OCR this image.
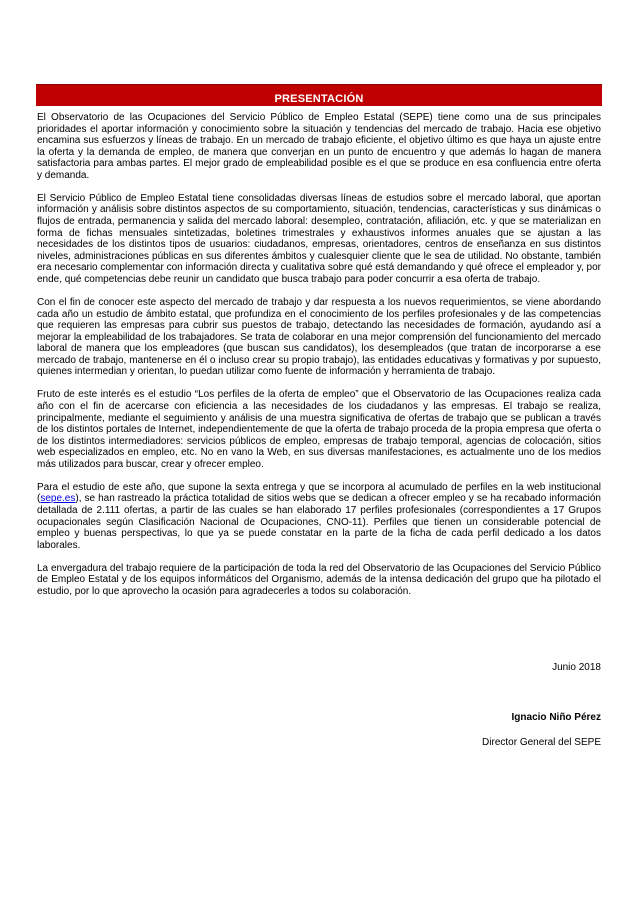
PRESENTACIÓN

El Observatorio de las Ocupaciones del Servicio Público de Empleo Estatal (SEPE) tiene como una de sus principales prioridades el aportar información y conocimiento sobre la situación y tendencias del mercado de trabajo. Hacia ese objetivo encamina sus esfuerzos y líneas de trabajo. En un mercado de trabajo eficiente, el objetivo último es que haya un ajuste entre la oferta y la demanda de empleo, de manera que converjan en un punto de encuentro y que además lo hagan de manera satisfactoria para ambas partes. El mejor grado de empleabilidad posible es el que se produce en esa confluencia entre oferta y demanda.

El Servicio Público de Empleo Estatal tiene consolidadas diversas líneas de estudios sobre el mercado laboral, que aportan información y análisis sobre distintos aspectos de su comportamiento, situación, tendencias, características y sus dinámicas o flujos de entrada, permanencia y salida del mercado laboral: desempleo, contratación, afiliación, etc. y que se materializan en forma de fichas mensuales sintetizadas, boletines trimestrales y exhaustivos informes anuales que se ajustan a las necesidades de los distintos tipos de usuarios: ciudadanos, empresas, orientadores, centros de enseñanza en sus distintos niveles, administraciones públicas en sus diferentes ámbitos y cualesquier cliente que le sea de utilidad. No obstante, también era necesario complementar con información directa y cualitativa sobre qué está demandando y qué ofrece el empleador y, por ende, qué competencias debe reunir un candidato que busca trabajo para poder concurrir a esa oferta de trabajo.

Con el fin de conocer este aspecto del mercado de trabajo y dar respuesta a los nuevos requerimientos, se viene abordando cada año un estudio de ámbito estatal, que profundiza en el conocimiento de los perfiles profesionales y de las competencias que requieren las empresas para cubrir sus puestos de trabajo, detectando las necesidades de formación, ayudando así a mejorar la empleabilidad de los trabajadores. Se trata de colaborar en una mejor comprensión del funcionamiento del mercado laboral de manera que los empleadores (que buscan sus candidatos), los desempleados (que tratan de incorporarse a ese mercado de trabajo, mantenerse en él o incluso crear su propio trabajo), las entidades educativas y formativas y por supuesto, quienes intermedian y orientan, lo puedan utilizar como fuente de información y herramienta de trabajo.

Fruto de este interés es el estudio “Los perfiles de la oferta de empleo” que el Observatorio de las Ocupaciones realiza cada año con el fin de acercarse con eficiencia a las necesidades de los ciudadanos y las empresas. El trabajo se realiza, principalmente, mediante el seguimiento y análisis de una muestra significativa de ofertas de trabajo que se publican a través de los distintos portales de Internet, independientemente de que la oferta de trabajo proceda de la propia empresa que oferta o de los distintos intermediadores: servicios públicos de empleo, empresas de trabajo temporal, agencias de colocación, sitios web especializados en empleo, etc. No en vano la Web, en sus diversas manifestaciones, es actualmente uno de los medios más utilizados para buscar, crear y ofrecer empleo.

Para el estudio de este año, que supone la sexta entrega y que se incorpora al acumulado de perfiles en la web institucional (sepe.es), se han rastreado la práctica totalidad de sitios webs que se dedican a ofrecer empleo y se ha recabado información detallada de 2.111 ofertas, a partir de las cuales se han elaborado 17 perfiles profesionales (correspondientes a 17 Grupos ocupacionales según Clasificación Nacional de Ocupaciones, CNO-11). Perfiles que tienen un considerable potencial de empleo y buenas perspectivas, lo que ya se puede constatar en la parte de la ficha de cada perfil dedicado a los datos laborales.

La envergadura del trabajo requiere de la participación de toda la red del Observatorio de las Ocupaciones del Servicio Público de Empleo Estatal y de los equipos informáticos del Organismo, además de la intensa dedicación del grupo que ha pilotado el estudio, por lo que aprovecho la ocasión para agradecerles a todos su colaboración.

Junio 2018
Ignacio Niño Pérez
Director General del SEPE
